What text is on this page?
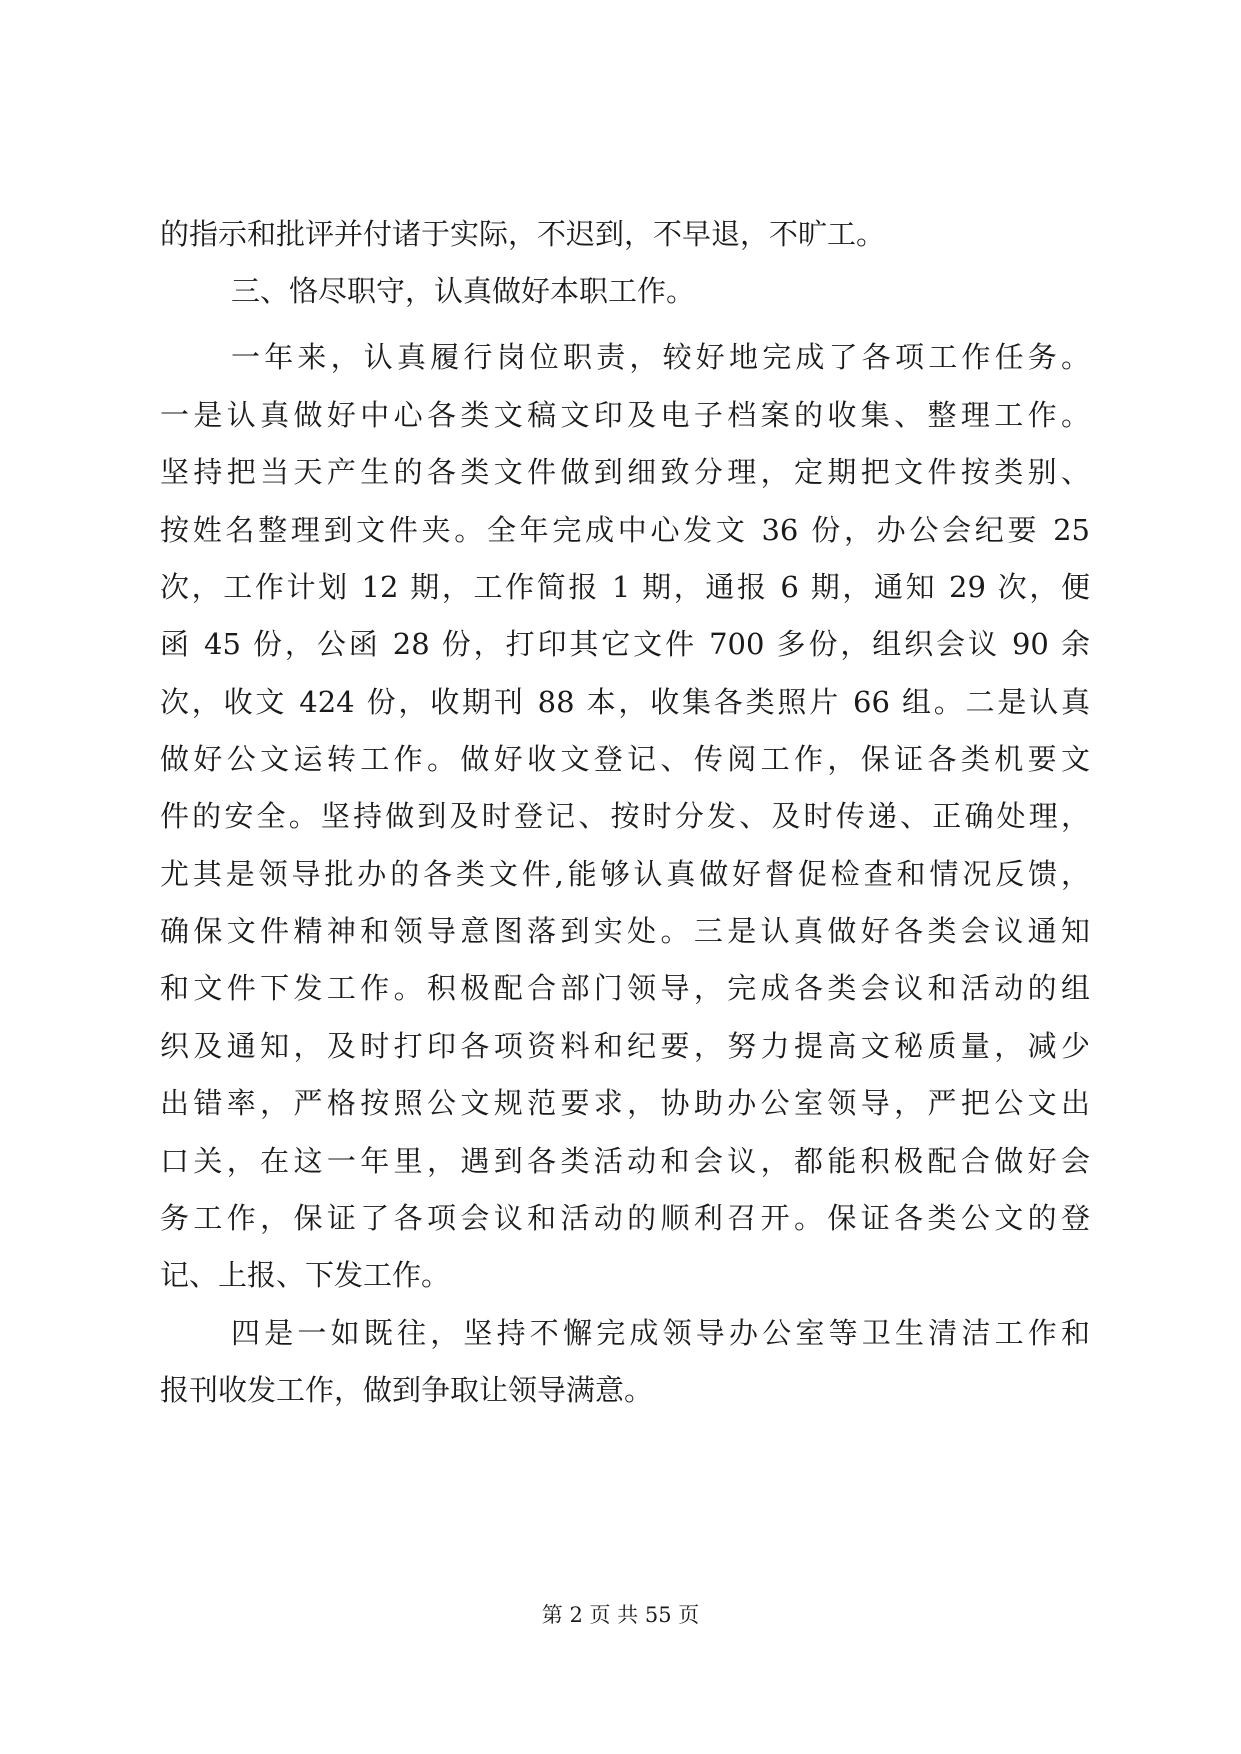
的指示和批评并付诸于实际，不迟到，不早退，不旷工。
三、恪尽职守，认真做好本职工作。
一年来，认真履行岗位职责，较好地完成了各项工作任务。
一是认真做好中心各类文稿文印及电子档案的收集、整理工作。
坚持把当天产生的各类文件做到细致分理，定期把文件按类别、
按姓名整理到文件夹。全年完成中心发文 36 份，办公会纪要 25
次，工作计划 12 期，工作简报 1 期，通报 6 期，通知 29 次，便
函 45 份，公函 28 份，打印其它文件 700 多份，组织会议 90 余
次，收文 424 份，收期刊 88 本，收集各类照片 66 组。二是认真
做好公文运转工作。做好收文登记、传阅工作，保证各类机要文
件的安全。坚持做到及时登记、按时分发、及时传递、正确处理，
尤其是领导批办的各类文件,能够认真做好督促检查和情况反馈，
确保文件精神和领导意图落到实处。三是认真做好各类会议通知
和文件下发工作。积极配合部门领导，完成各类会议和活动的组
织及通知，及时打印各项资料和纪要，努力提高文秘质量，减少
出错率，严格按照公文规范要求，协助办公室领导，严把公文出
口关，在这一年里，遇到各类活动和会议，都能积极配合做好会
务工作，保证了各项会议和活动的顺利召开。保证各类公文的登
记、上报、下发工作。
四是一如既往，坚持不懈完成领导办公室等卫生清洁工作和
报刊收发工作，做到争取让领导满意。
第 2 页 共 55 页
